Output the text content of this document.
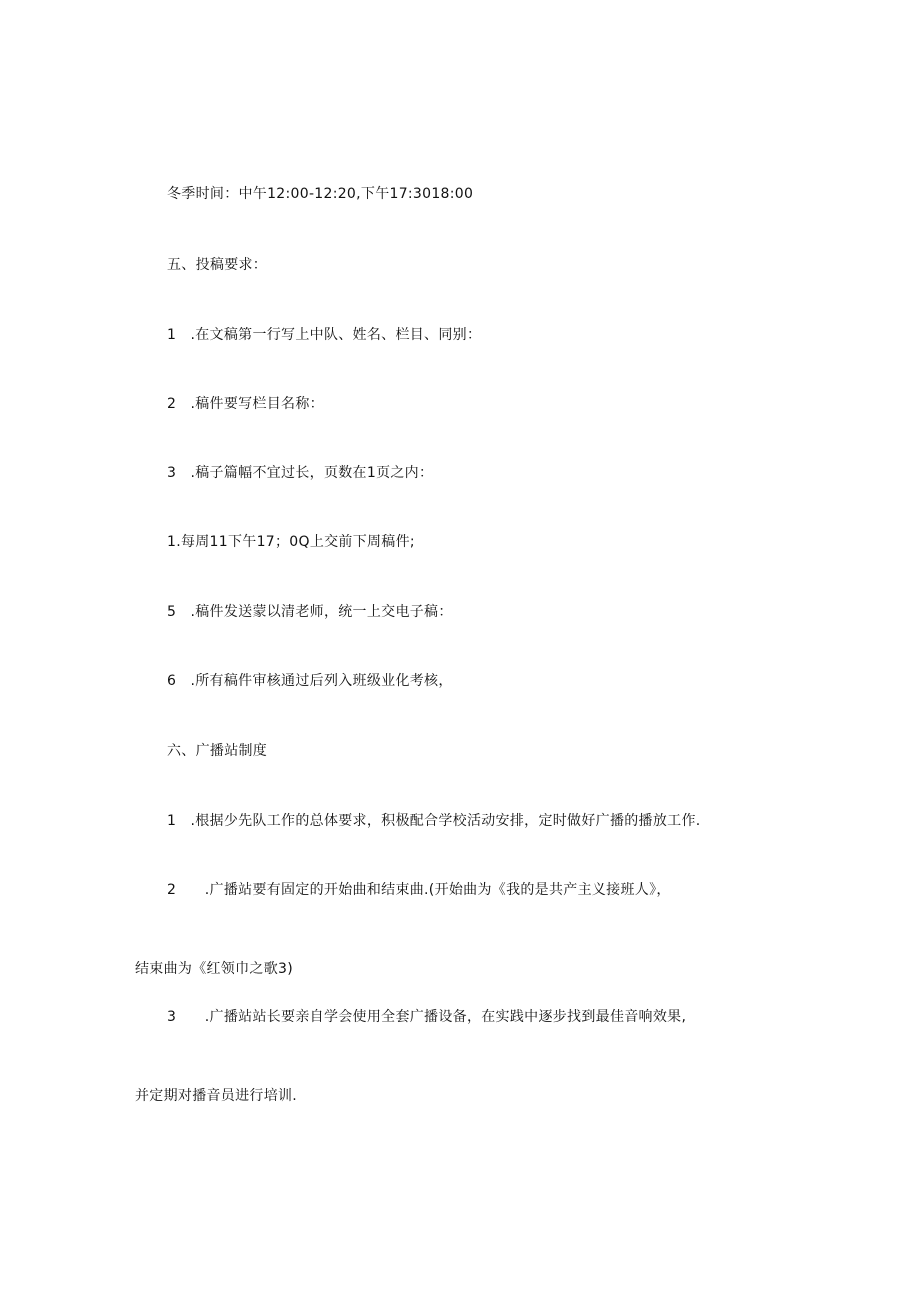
冬季时间：中午12:00-12:20,下午17:3018:00
五、投稿要求：
1　.在文稿第一行写上中队、姓名、栏目、同别：
2　.稿件要写栏目名称：
3　.稿子篇幅不宜过长，页数在1页之内：
1.每周11下午17；0Q上交前下周稿件;
5　.稿件发送蒙以清老师，统一上交电子稿：
6　.所有稿件审核通过后列入班级业化考核，
六、广播站制度
1　.根据少先队工作的总体要求，积极配合学校活动安排，定时做好广播的播放工作.
2　　.广播站要有固定的开始曲和结束曲.(开始曲为《我的是共产主义接班人》，
结束曲为《红领巾之歌3)
3　　.广播站站长要亲自学会使用全套广播设备，在实践中逐步找到最佳音响效果,
并定期对播音员进行培训.
